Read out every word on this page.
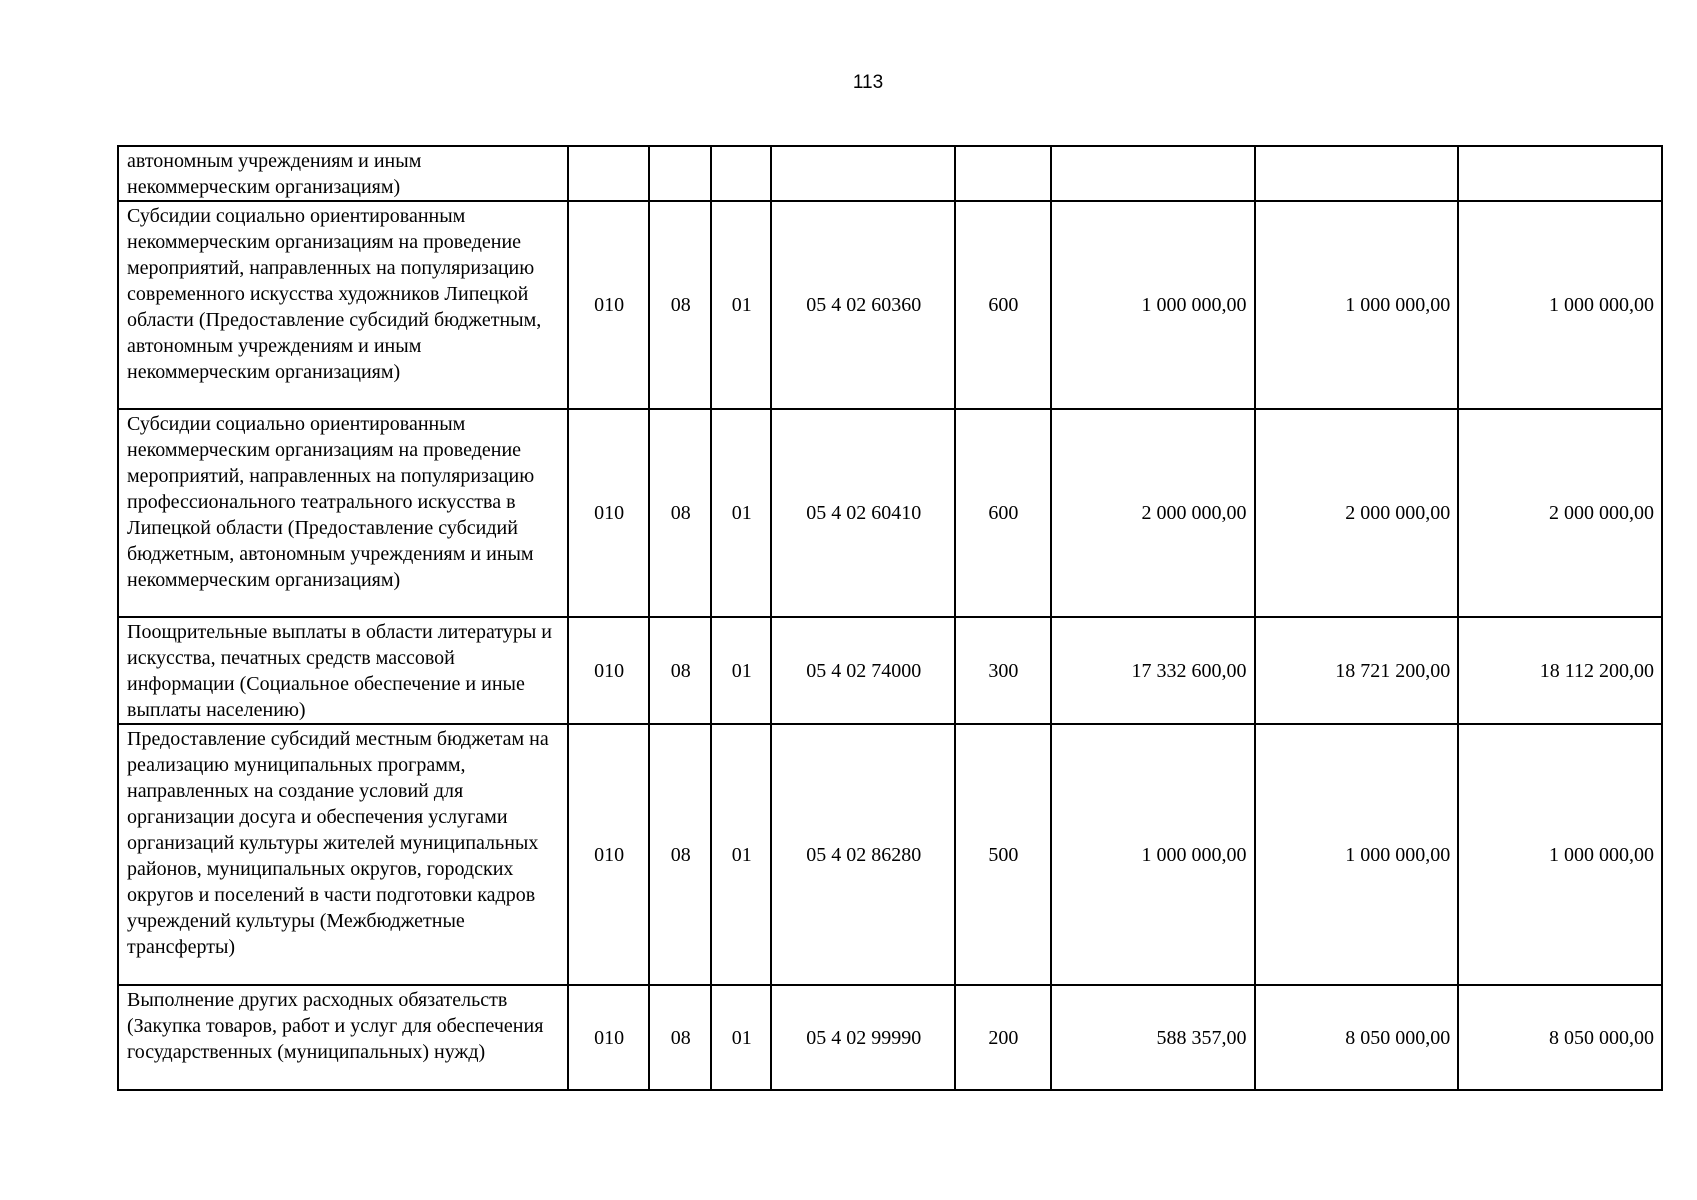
113
автономным учреждениям и иным некоммерческим организациям)								
Субсидии социально ориентированным некоммерческим организациям на проведение мероприятий, направленных на популяризацию современного искусства художников Липецкой области (Предоставление субсидий бюджетным, автономным учреждениям и иным некоммерческим организациям)	010	08	01	05 4 02 60360	600	1 000 000,00	1 000 000,00	1 000 000,00
Субсидии социально ориентированным некоммерческим организациям на проведение мероприятий, направленных на популяризацию профессионального театрального искусства в Липецкой области (Предоставление субсидий бюджетным, автономным учреждениям и иным некоммерческим организациям)	010	08	01	05 4 02 60410	600	2 000 000,00	2 000 000,00	2 000 000,00
Поощрительные выплаты в области литературы и искусства, печатных средств массовой информации (Социальное обеспечение и иные выплаты населению)	010	08	01	05 4 02 74000	300	17 332 600,00	18 721 200,00	18 112 200,00
Предоставление субсидий местным бюджетам на реализацию муниципальных программ, направленных на создание условий для организации досуга и обеспечения услугами организаций культуры жителей муниципальных районов, муниципальных округов, городских округов и поселений в части подготовки кадров учреждений культуры (Межбюджетные трансферты)	010	08	01	05 4 02 86280	500	1 000 000,00	1 000 000,00	1 000 000,00
Выполнение других расходных обязательств (Закупка товаров, работ и услуг для обеспечения государственных (муниципальных) нужд)	010	08	01	05 4 02 99990	200	588 357,00	8 050 000,00	8 050 000,00
